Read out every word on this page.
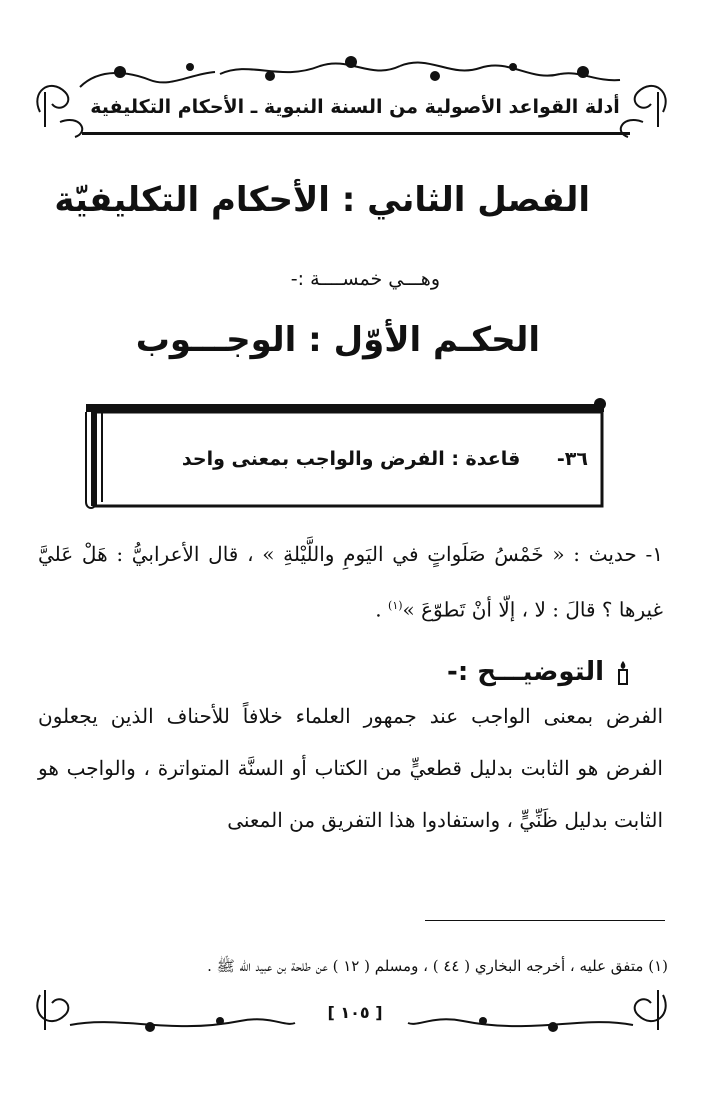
أدلة القواعد الأصولية من السنة النبوية ـ الأحكام التكليفية
الفصل الثاني : الأحكام التكليفيّة
وهـــي خمســــة :-
الحكـم الأوّل : الوجـــوب
٣٦- قاعدة : الفرض والواجب بمعنى واحد
١- حديث : « خَمْسُ صَلَواتٍ في اليَومِ واللَّيْلةِ » ، قال الأعرابيُّ : هَلْ عَليَّ غيرها ؟ قالَ : لا ، إلّا أنْ تَطوّعَ »$^{(١)}$ .
التوضيـــح :-
الفرض بمعنى الواجب عند جمهور العلماء خلافاً للأحناف الذين يجعلون الفرض هو الثابت بدليل قطعيٍّ من الكتاب أو السنَّة المتواترة ، والواجب هو الثابت بدليل ظَنِّيٍّ ، واستفادوا هذا التفريق من المعنى
(١) متفق عليه ، أخرجه البخاري ( ٤٤ ) ، ومسلم ( ١٢ ) عن طلحة بن عبيد الله ﷺ .
[ ١٠٥ ]
